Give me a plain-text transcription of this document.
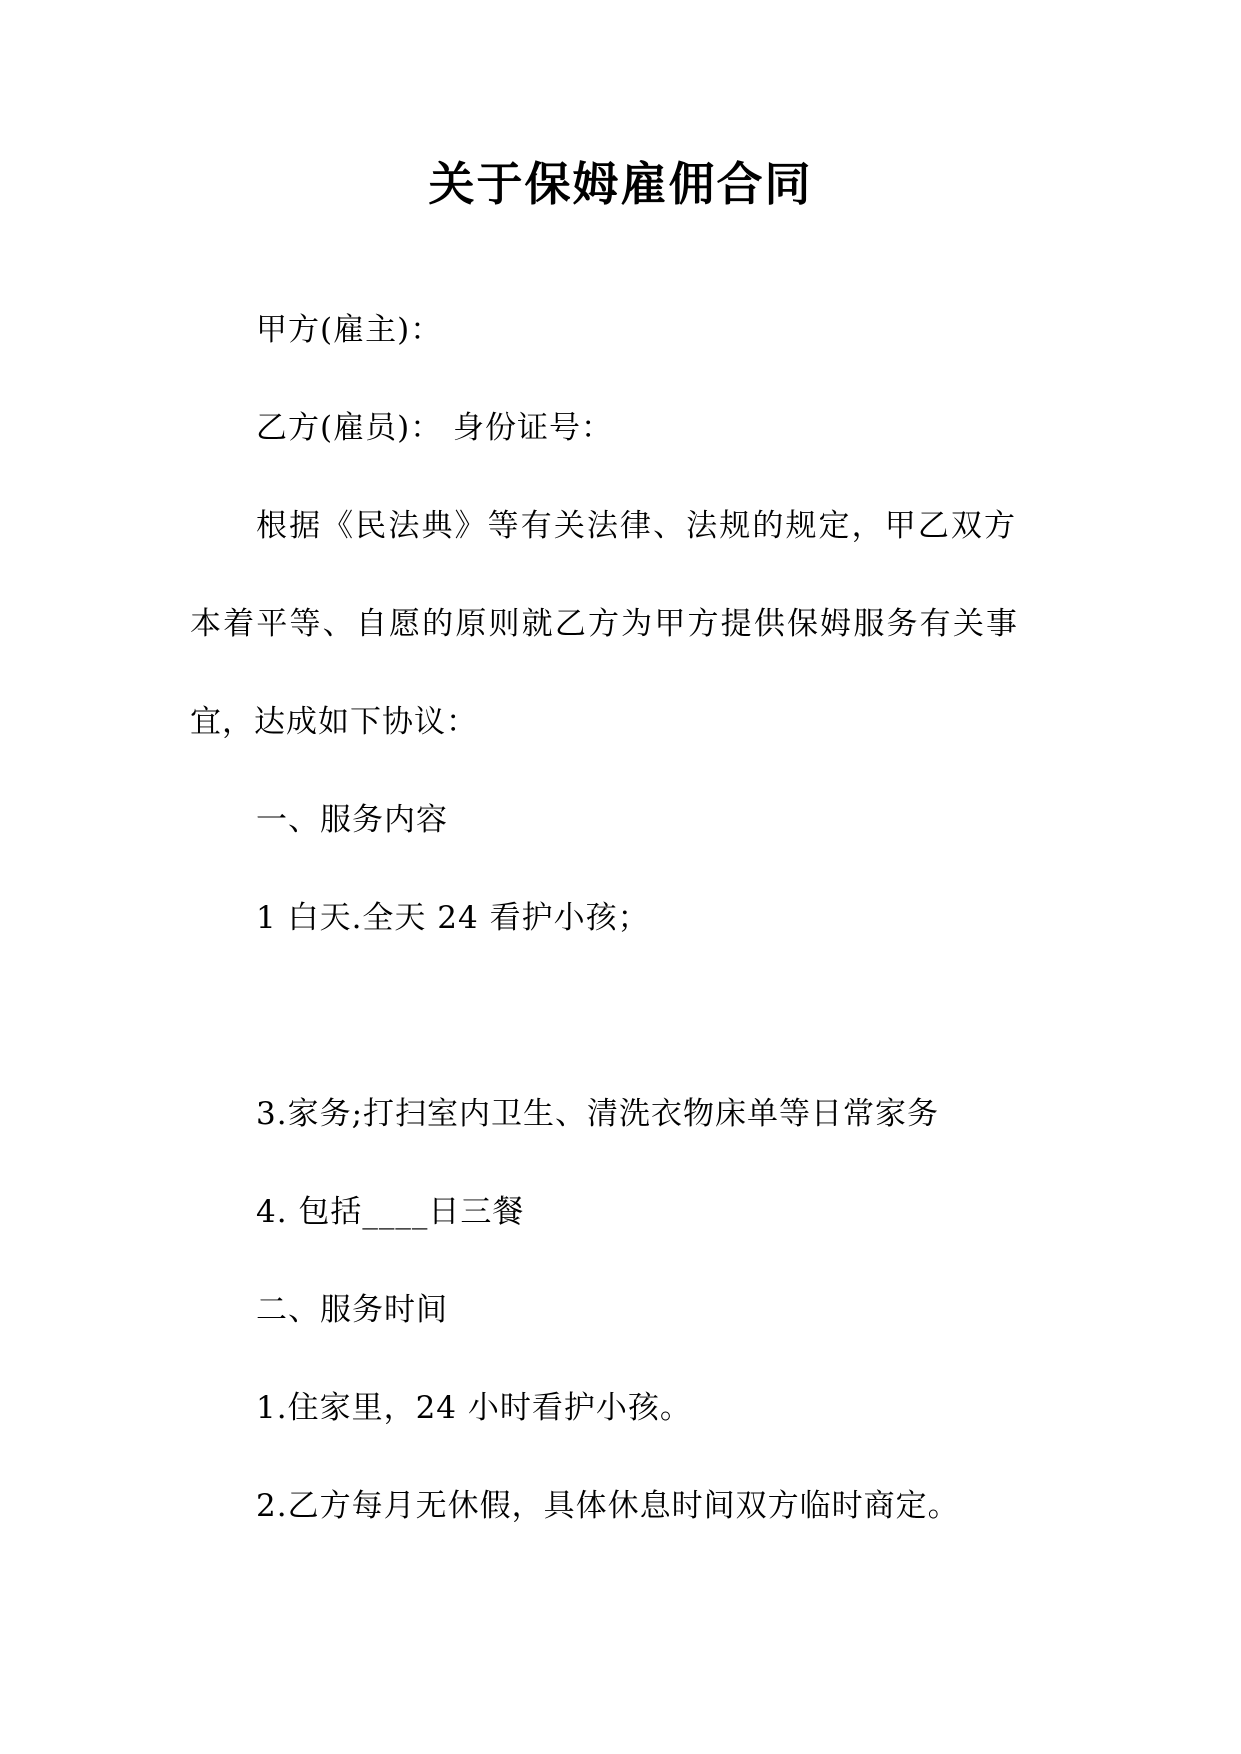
关于保姆雇佣合同
甲方(雇主)：
乙方(雇员)： 身份证号：
根据《民法典》等有关法律、法规的规定，甲乙双方
本着平等、自愿的原则就乙方为甲方提供保姆服务有关事
宜，达成如下协议：
一、服务内容
1 白天.全天 24 看护小孩；
3.家务;打扫室内卫生、清洗衣物床单等日常家务
4. 包括____日三餐
二、服务时间
1.住家里，24 小时看护小孩。
2.乙方每月无休假，具体休息时间双方临时商定。
